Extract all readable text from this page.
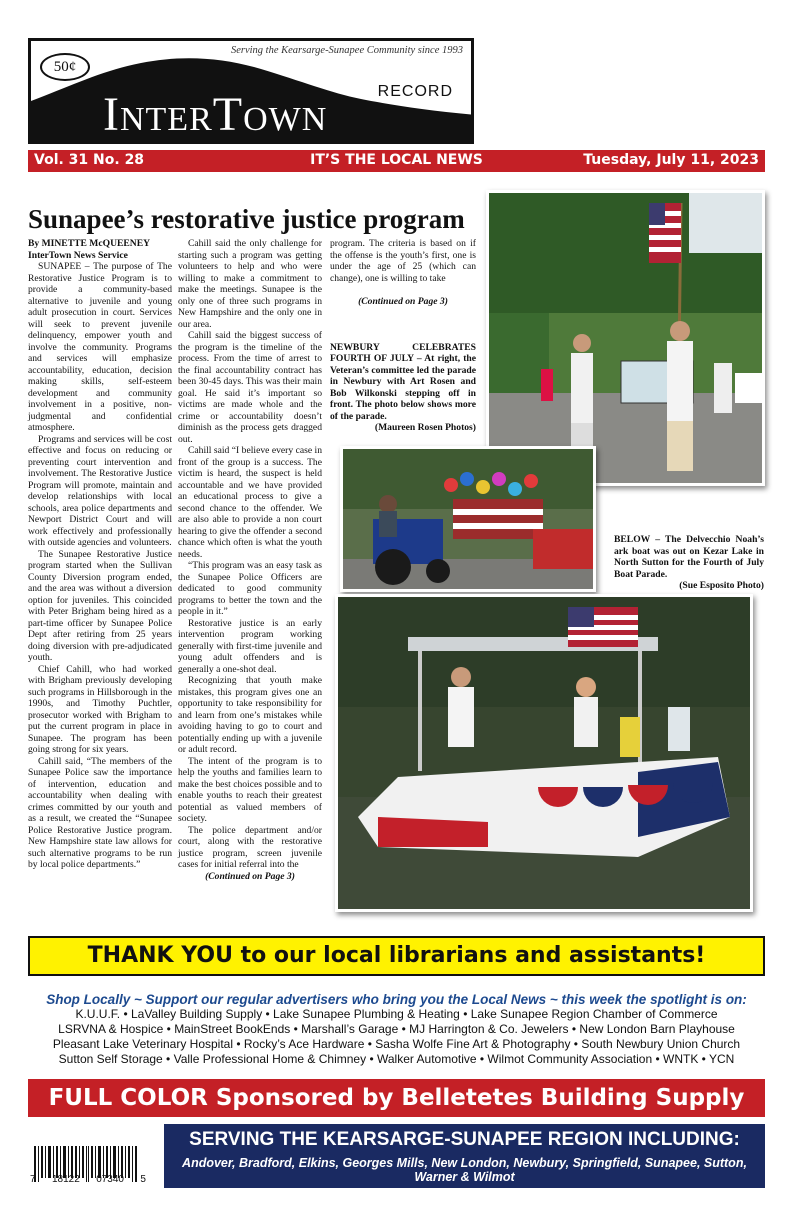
Serving the Kearsarge-Sunapee Community since 1993
50¢
InterTown	RECORD
IT’S THE LOCAL NEWS
Vol. 31 No. 28	Tuesday, July 11, 2023
Sunapee’s restorative justice program

By MINETTE McQUEENEY

InterTown News Service

SUNAPEE – The purpose of The Restorative Justice Program is to provide a community-based alternative to juvenile and young adult prosecution in court. Services will seek to prevent juvenile delinquency, empower youth and involve the community. Programs and services will emphasize accountability, education, decision making skills, self-esteem development and community involvement in a positive, non-judgmental and confidential atmosphere.

Programs and services will be cost effective and focus on reducing or preventing court intervention and involvement. The Restorative Justice Program will promote, maintain and develop relationships with local schools, area police departments and Newport District Court and will work effectively and professionally with outside agencies and volunteers.

The Sunapee Restorative Justice program started when the Sullivan County Diversion program ended, and the area was without a diversion option for juveniles. This coincided with Peter Brigham being hired as a part-time officer by Sunapee Police Dept after retiring from 25 years doing diversion with pre-adjudicated youth.

Chief Cahill, who had worked with Brigham previously developing such programs in Hillsborough in the 1990s, and Timothy Puchtler, prosecutor worked with Brigham to put the current program in place in Sunapee. The program has been going strong for six years.

Cahill said, “The members of the Sunapee Police saw the importance of intervention, education and accountability when dealing with crimes committed by our youth and as a result, we created the “Sunapee Police Restorative Justice program. New Hampshire state law allows for such alternative programs to be run by local police departments.”

Cahill said the only challenge for starting such a program was getting volunteers to help and who were willing to make a commitment to make the meetings. Sunapee is the only one of three such programs in New Hampshire and the only one in our area.

Cahill said the biggest success of the program is the timeline of the process. From the time of arrest to the final accountability contract has been 30-45 days. This was their main goal. He said it’s important so victims are made whole and the crime or accountability doesn’t diminish as the process gets dragged out.

Cahill said “I believe every case in front of the group is a success. The victim is heard, the suspect is held accountable and we have provided an educational process to give a second chance to the offender. We are also able to provide a non court hearing to give the offender a second chance which often is what the youth needs.

“This program was an easy task as the Sunapee Police Officers are dedicated to good community programs to better the town and the people in it.”

Restorative justice is an early intervention program working generally with first-time juvenile and young adult offenders and is generally a one-shot deal.

Recognizing that youth make mistakes, this program gives one an opportunity to take responsibility for and learn from one’s mistakes while avoiding having to go to court and potentially ending up with a juvenile or adult record.

The intent of the program is to help the youths and families learn to make the best choices possible and to enable youths to reach their greatest potential as valued members of society.

The police department and/or court, along with the restorative justice program, screen juvenile cases for initial referral into the

(Continued on Page 3)

program. The criteria is based on if the offense is the youth’s first, one is under the age of 25 (which can change), one is willing to take

(Continued on Page 3)

NEWBURY CELEBRATES FOURTH OF JULY – At right, the Veteran’s committee led the parade in Newbury with Art Rosen and Bob Wilkonski stepping off in front. The photo below shows more of the parade.

(Maureen Rosen Photos)

BELOW – The Delvecchio Noah’s ark boat was out on Kezar Lake in North Sutton for the Fourth of July Boat Parade.
(Sue Esposito Photo)
THANK YOU to our local librarians and assistants!
Shop Locally ~ Support our regular advertisers who bring you the Local News ~ this week the spotlight is on:
K.U.U.F. • LaValley Building Supply • Lake Sunapee Plumbing & Heating • Lake Sunapee Region Chamber of Commerce
LSRVNA & Hospice • MainStreet BookEnds • Marshall’s Garage • MJ Harrington & Co. Jewelers • New London Barn Playhouse
Pleasant Lake Veterinary Hospital • Rocky’s Ace Hardware • Sasha Wolfe Fine Art & Photography • South Newbury Union Church
Sutton Self Storage • Valle Professional Home & Chimney • Walker Automotive • Wilmot Community Association • WNTK • YCN
FULL COLOR Sponsored by Belletetes Building Supply
7 18122 07340 5
SERVING THE KEARSARGE-SUNAPEE REGION INCLUDING:
Andover, Bradford, Elkins, Georges Mills, New London, Newbury, Springfield, Sunapee, Sutton, Warner & Wilmot
